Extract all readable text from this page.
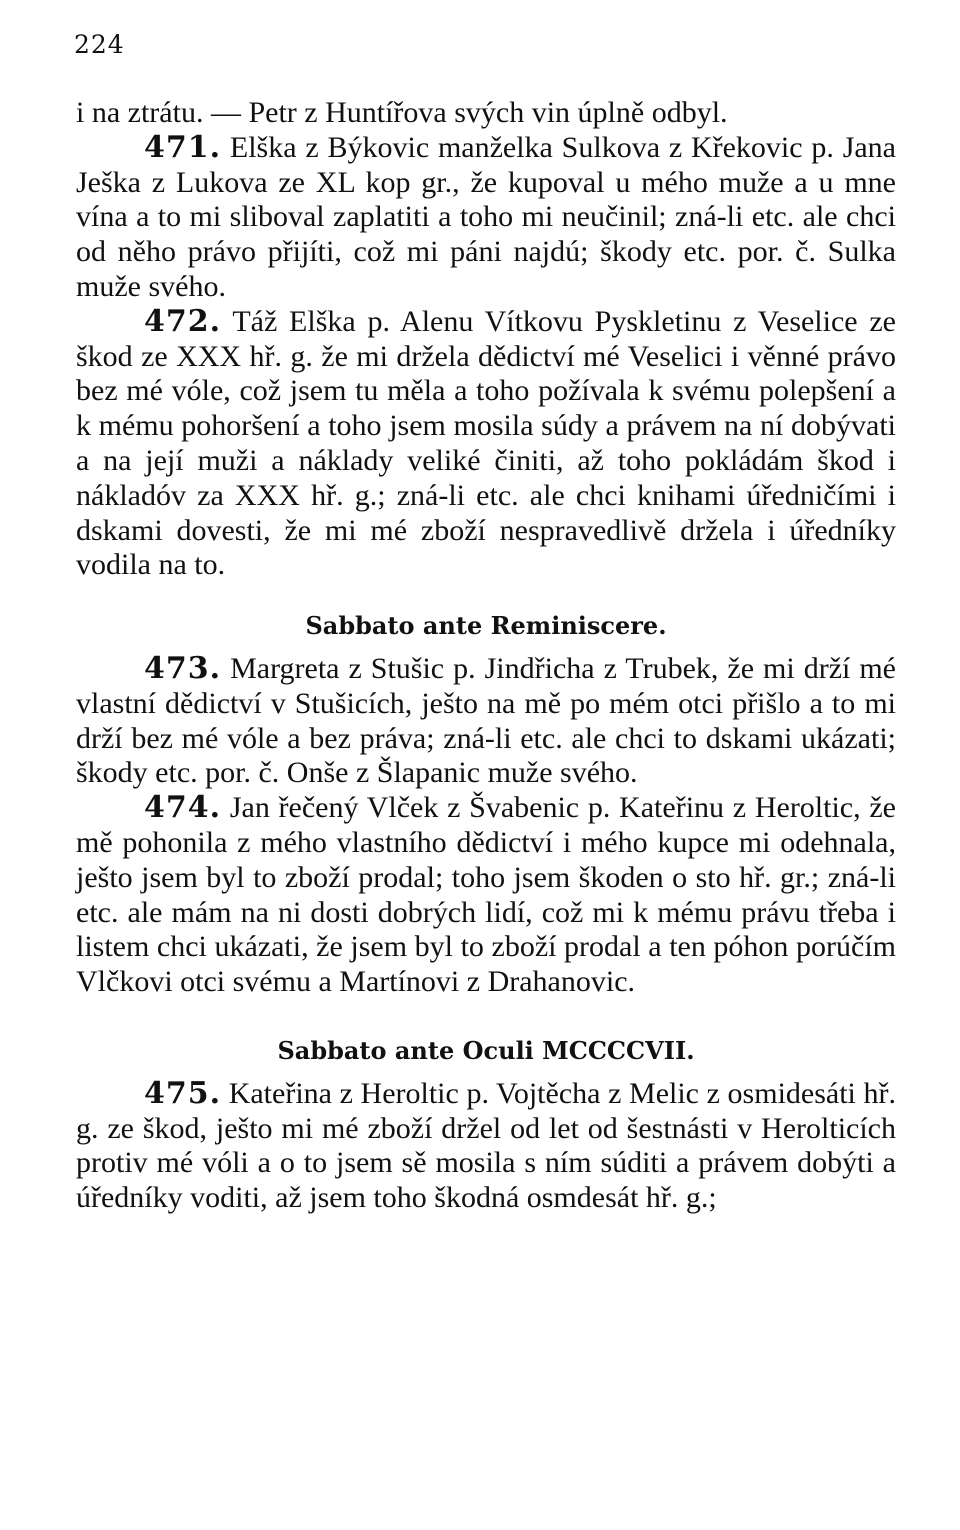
224

i na ztrátu. — Petr z Huntířova svých vin úplně odbyl.

471. Elška z Býkovic manželka Sulkova z Křekovic p. Jana Ješka z Lukova ze XL kop gr., že kupoval u mého muže a u mne vína a to mi sliboval zaplatiti a toho mi neučinil; zná-li etc. ale chci od něho právo přijíti, což mi páni najdú; škody etc. por. č. Sulka muže svého.

472. Táž Elška p. Alenu Vítkovu Pyskletinu z Veselice ze škod ze XXX hř. g. že mi držela dědictví mé Veselici i věnné právo bez mé vóle, což jsem tu měla a toho požívala k svému polepšení a k mému pohoršení a toho jsem mosila súdy a právem na ní dobývati a na její muži a náklady veliké činiti, až toho pokládám škod i nákladóv za XXX hř. g.; zná-li etc. ale chci knihami úředničími i dskami dovesti, že mi mé zboží nespravedlivě držela i úředníky vodila na to.

Sabbato ante Reminiscere.

473. Margreta z Stušic p. Jindřicha z Trubek, že mi drží mé vlastní dědictví v Stušicích, ješto na mě po mém otci přišlo a to mi drží bez mé vóle a bez práva; zná-li etc. ale chci to dskami ukázati; škody etc. por. č. Onše z Šlapanic muže svého.

474. Jan řečený Vlček z Švabenic p. Kateřinu z Heroltic, že mě pohonila z mého vlastního dědictví i mého kupce mi odehnala, ješto jsem byl to zboží prodal; toho jsem škoden o sto hř. gr.; zná-li etc. ale mám na ni dosti dobrých lidí, což mi k mému právu třeba i listem chci ukázati, že jsem byl to zboží prodal a ten póhon porúčím Vlčkovi otci svému a Martínovi z Drahanovic.

Sabbato ante Oculi MCCCCVII.

475. Kateřina z Heroltic p. Vojtěcha z Melic z osmidesáti hř. g. ze škod, ješto mi mé zboží držel od let od šestnásti v Herolticích protiv mé vóli a o to jsem sě mosila s ním súditi a právem dobýti a úředníky voditi, až jsem toho škodná osmdesát hř. g.;
